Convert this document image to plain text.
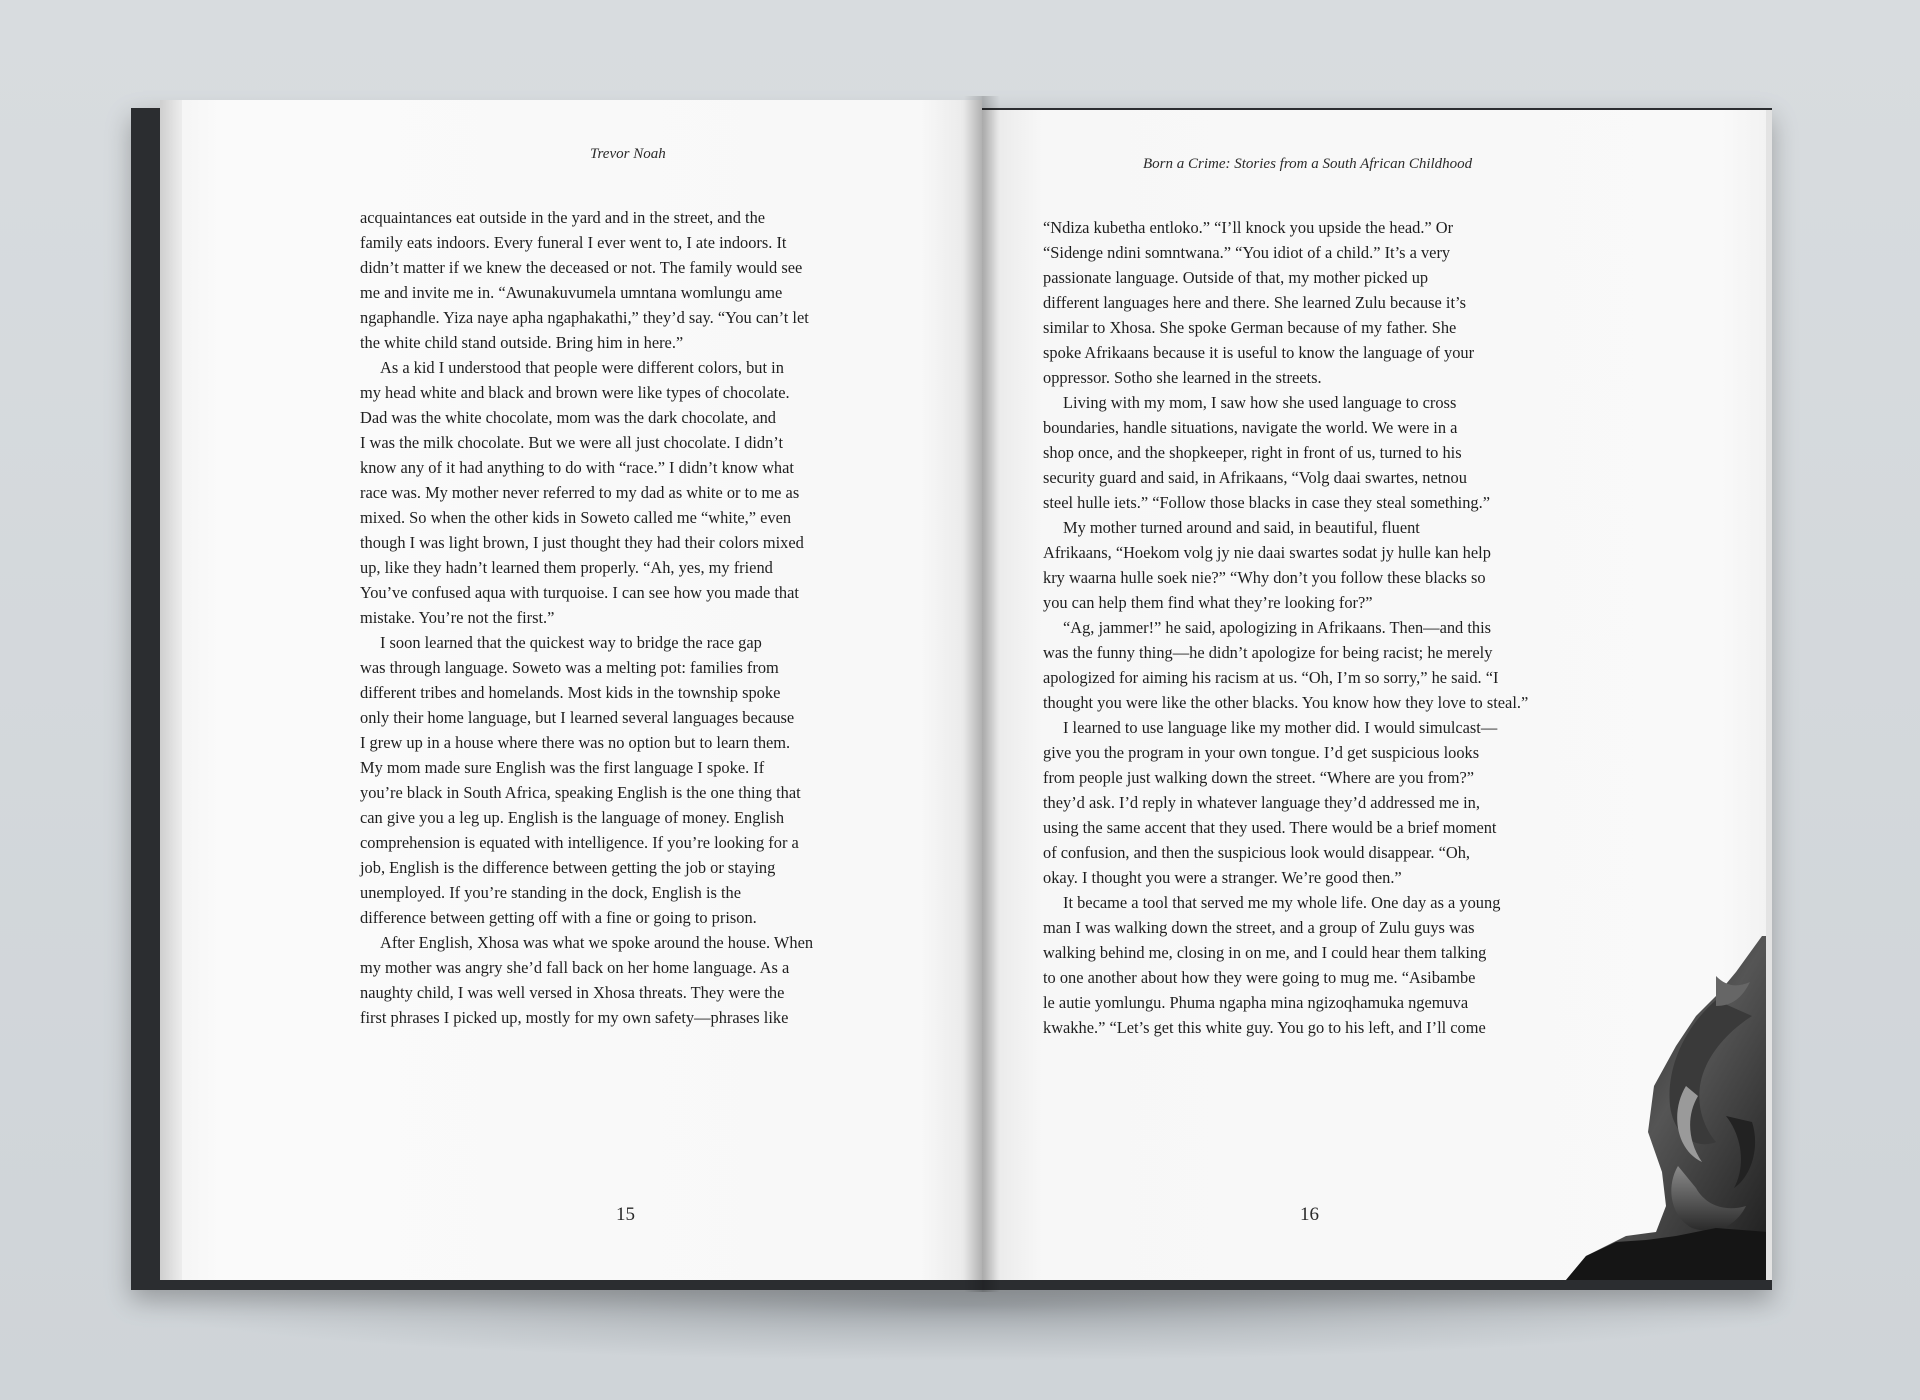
Trevor Noah
acquaintances eat outside in the yard and in the street, and the
family eats indoors. Every funeral I ever went to, I ate indoors. It
didn’t matter if we knew the deceased or not. The family would see
me and invite me in. “Awunakuvumela umntana womlungu ame
ngaphandle. Yiza naye apha ngaphakathi,” they’d say. “You can’t let
the white child stand outside. Bring him in here.”
As a kid I understood that people were different colors, but in
my head white and black and brown were like types of chocolate.
Dad was the white chocolate, mom was the dark chocolate, and
I was the milk chocolate. But we were all just chocolate. I didn’t
know any of it had anything to do with “race.” I didn’t know what
race was. My mother never referred to my dad as white or to me as
mixed. So when the other kids in Soweto called me “white,” even
though I was light brown, I just thought they had their colors mixed
up, like they hadn’t learned them properly. “Ah, yes, my friend
You’ve confused aqua with turquoise. I can see how you made that
mistake. You’re not the first.”
I soon learned that the quickest way to bridge the race gap
was through language. Soweto was a melting pot: families from
different tribes and homelands. Most kids in the township spoke
only their home language, but I learned several languages because
I grew up in a house where there was no option but to learn them.
My mom made sure English was the first language I spoke. If
you’re black in South Africa, speaking English is the one thing that
can give you a leg up. English is the language of money. English
comprehension is equated with intelligence. If you’re looking for a
job, English is the difference between getting the job or staying
unemployed. If you’re standing in the dock, English is the
difference between getting off with a fine or going to prison.
After English, Xhosa was what we spoke around the house. When
my mother was angry she’d fall back on her home language. As a
naughty child, I was well versed in Xhosa threats. They were the
first phrases I picked up, mostly for my own safety—phrases like
15
Born a Crime: Stories from a South African Childhood
“Ndiza kubetha entloko.” “I’ll knock you upside the head.” Or
“Sidenge ndini somntwana.” “You idiot of a child.” It’s a very
passionate language. Outside of that, my mother picked up
different languages here and there. She learned Zulu because it’s
similar to Xhosa. She spoke German because of my father. She
spoke Afrikaans because it is useful to know the language of your
oppressor. Sotho she learned in the streets.
Living with my mom, I saw how she used language to cross
boundaries, handle situations, navigate the world. We were in a
shop once, and the shopkeeper, right in front of us, turned to his
security guard and said, in Afrikaans, “Volg daai swartes, netnou
steel hulle iets.” “Follow those blacks in case they steal something.”
My mother turned around and said, in beautiful, fluent
Afrikaans, “Hoekom volg jy nie daai swartes sodat jy hulle kan help
kry waarna hulle soek nie?” “Why don’t you follow these blacks so
you can help them find what they’re looking for?”
“Ag, jammer!” he said, apologizing in Afrikaans. Then—and this
was the funny thing—he didn’t apologize for being racist; he merely
apologized for aiming his racism at us. “Oh, I’m so sorry,” he said. “I
thought you were like the other blacks. You know how they love to steal.”
I learned to use language like my mother did. I would simulcast—
give you the program in your own tongue. I’d get suspicious looks
from people just walking down the street. “Where are you from?”
they’d ask. I’d reply in whatever language they’d addressed me in,
using the same accent that they used. There would be a brief moment
of confusion, and then the suspicious look would disappear. “Oh,
okay. I thought you were a stranger. We’re good then.”
It became a tool that served me my whole life. One day as a young
man I was walking down the street, and a group of Zulu guys was
walking behind me, closing in on me, and I could hear them talking
to one another about how they were going to mug me. “Asibambe
le autie yomlungu. Phuma ngapha mina ngizoqhamuka ngemuva
kwakhe.” “Let’s get this white guy. You go to his left, and I’ll come
16
